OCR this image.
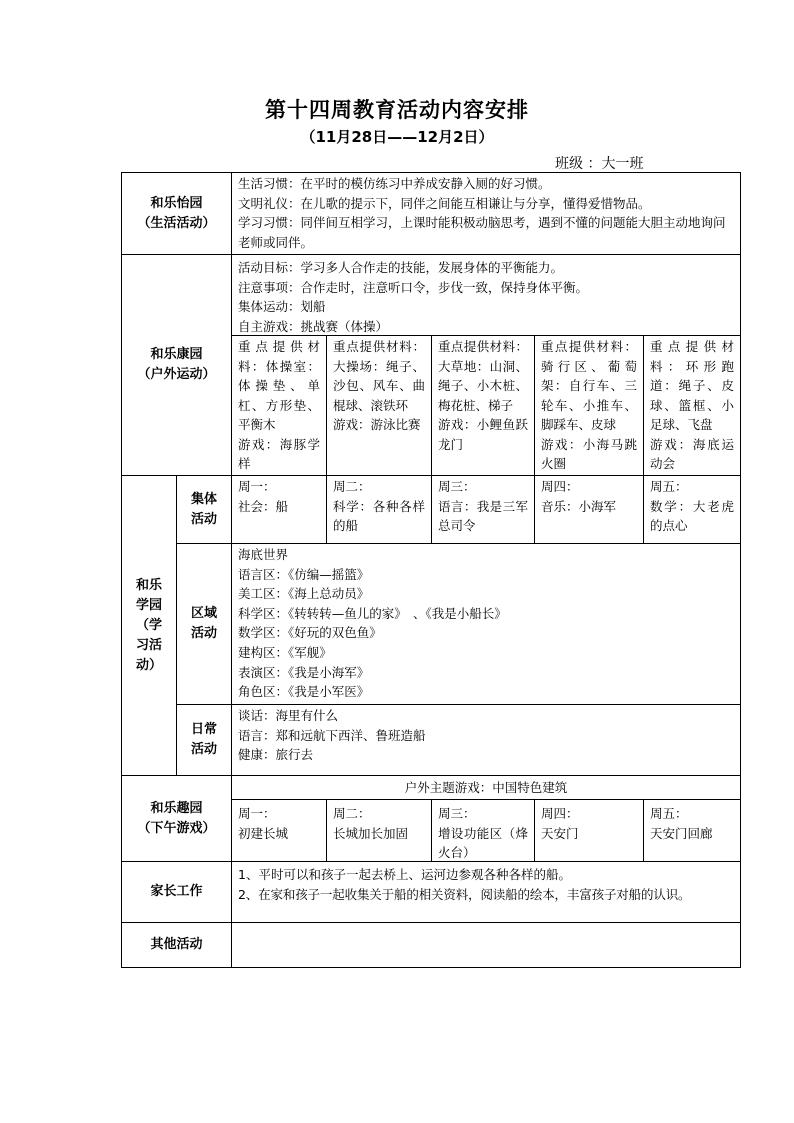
第十四周教育活动内容安排
（11月28日——12月2日）
班级 ：大一班
和乐怡园
（生活活动）
生活习惯：在平时的模仿练习中养成安静入厕的好习惯。
文明礼仪：在儿歌的提示下，同伴之间能互相谦让与分享，懂得爱惜物品。
学习习惯：同伴间互相学习，上课时能积极动脑思考，遇到不懂的问题能大胆主动地询问老师或同伴。
和乐康园
（户外运动）
活动目标：学习多人合作走的技能，发展身体的平衡能力。
注意事项：合作走时，注意听口令，步伐一致，保持身体平衡。
集体运动：划船
自主游戏：挑战赛（体操）
重点提供材料：体操室：体操垫、单杠、方形垫、平衡木
游戏：海豚学样
重点提供材料：大操场：绳子、沙包、风车、曲棍球、滚铁环
游戏：游泳比赛
重点提供材料：大草地：山洞、绳子、小木桩、梅花桩、梯子
游戏：小鲤鱼跃龙门
重点提供材料：骑行区、葡萄架：自行车、三轮车、小推车、脚踩车、皮球
游戏：小海马跳火圈
重点提供材料：环形跑道：绳子、皮球、篮框、小足球、飞盘
游戏：海底运动会
和乐
学园
（学
习活
动）
集体
活动
周一：
社会：船
周二：
科学：各种各样的船
周三：
语言：我是三军总司令
周四：
音乐：小海军
周五：
数学：大老虎的点心
区域
活动
海底世界
语言区：《仿编—摇篮》
美工区：《海上总动员》
科学区：《转转转—鱼儿的家》　、《我是小船长》
数学区：《好玩的双色鱼》
建构区：《军舰》
表演区：《我是小海军》
角色区：《我是小军医》
日常
活动
谈话：海里有什么
语言：郑和远航下西洋、鲁班造船
健康：旅行去
和乐趣园
（下午游戏）
户外主题游戏：中国特色建筑
周一：
初建长城
周二：
长城加长加固
周三：
增设功能区（烽火台）
周四：
天安门
周五：
天安门回廊
家长工作
1、平时可以和孩子一起去桥上、运河边参观各种各样的船。
2、在家和孩子一起收集关于船的相关资料，阅读船的绘本，丰富孩子对船的认识。
其他活动
